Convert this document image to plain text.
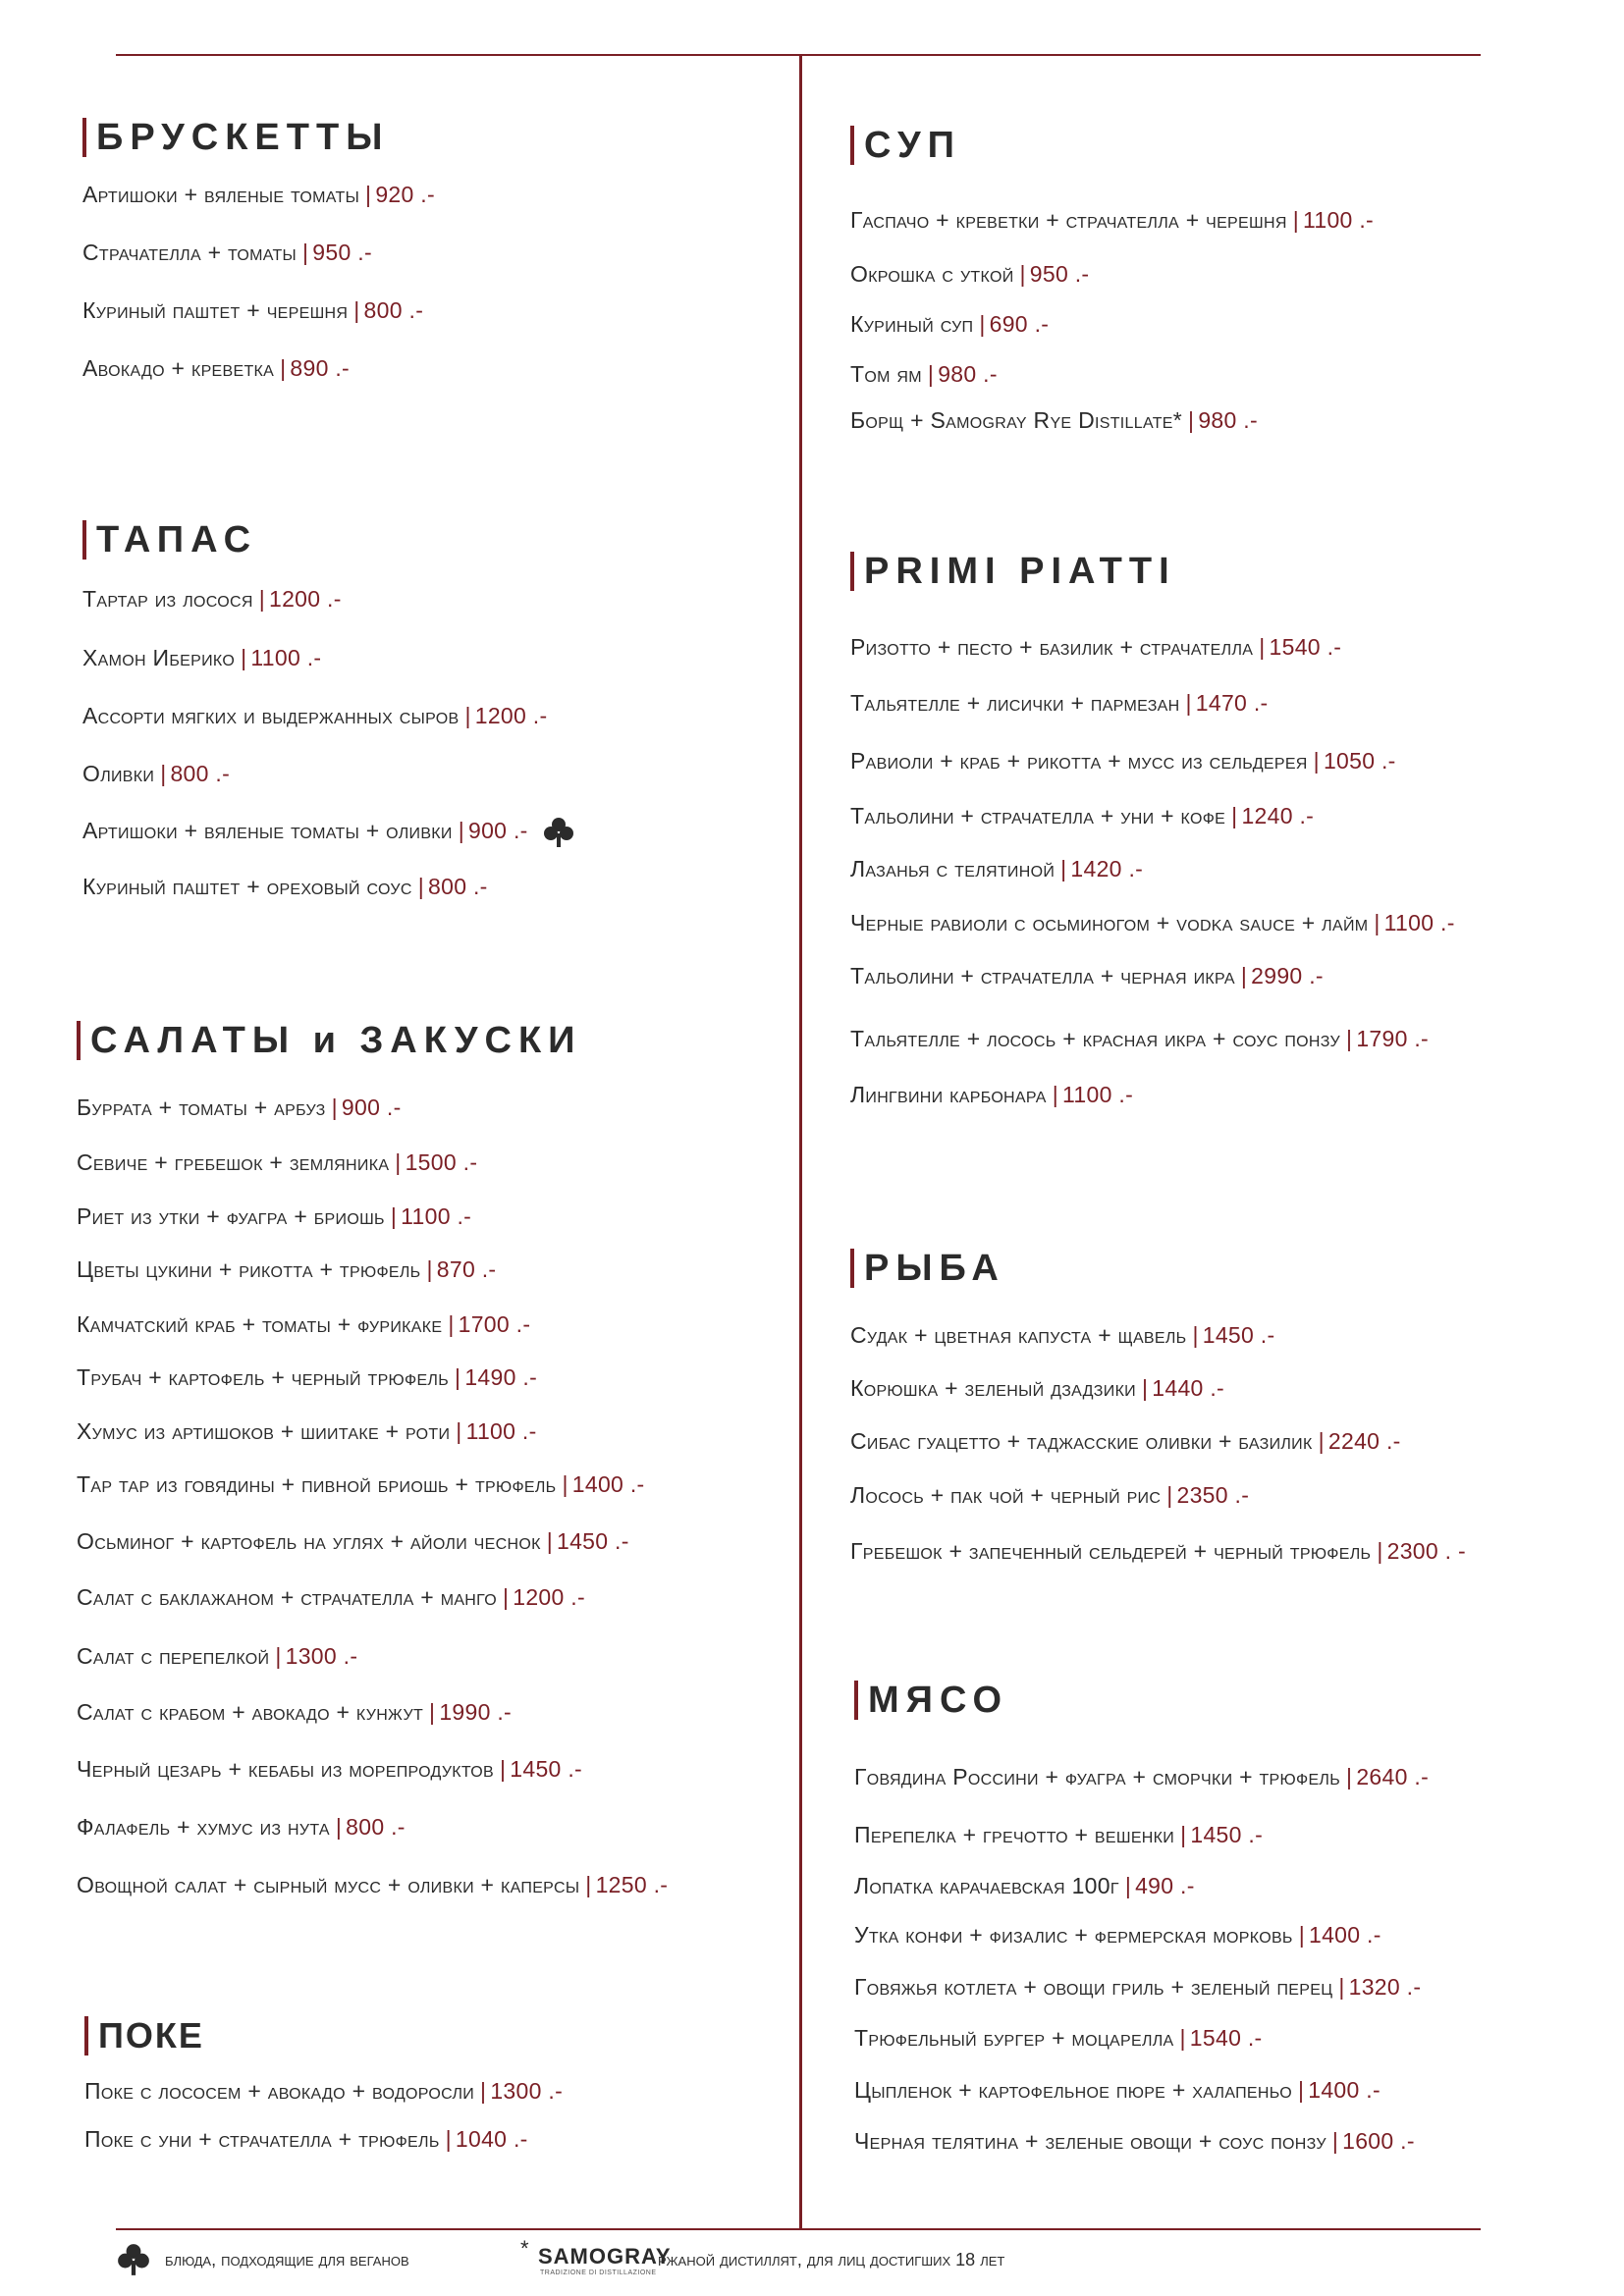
БРУСКЕТТЫ
Артишоки + вяленые томаты | 920 .-
Страчателла + томаты | 950 .-
Куриный паштет + черешня | 800 .-
Авокадо + креветка | 890 .-
ТАПАС
Тартар из лосося | 1200 .-
Хамон Иберико | 1100 .-
Ассорти мягких и выдержанных сыров | 1200 .-
Оливки | 800 .-
Артишоки + вяленые томаты + оливки | 900 .-
Куриный паштет + ореховый соус | 800 .-
САЛАТЫ и ЗАКУСКИ
Буррата + томаты + арбуз | 900 .-
Севиче + гребешок + земляника | 1500 .-
Риет из утки + фуагра + бриошь | 1100 .-
Цветы цукини + рикотта + трюфель | 870 .-
Камчатский краб + томаты + фурикаке | 1700 .-
Трубач + картофель + черный трюфель | 1490 .-
Хумус из артишоков + шиитаке + роти | 1100 .-
Тар тар из говядины + пивной бриошь + трюфель | 1400 .-
Осьминог + картофель на углях + айоли чеснок | 1450 .-
Салат с баклажаном + страчателла + манго | 1200 .-
Салат с перепелкой | 1300 .-
Салат с крабом + авокадо + кунжут | 1990 .-
Черный цезарь + кебабы из морепродуктов | 1450 .-
Фалафель + хумус из нута | 800 .-
Овощной салат + сырный мусс + оливки + каперсы | 1250 .-
ПОКЕ
Поке с лососем + авокадо + водоросли | 1300 .-
Поке с уни + страчателла + трюфель | 1040 .-
СУП
Гаспачо + креветки + страчателла + черешня | 1100 .-
Окрошка с уткой | 950 .-
Куриный суп | 690 .-
Том ям | 980 .-
Борщ + Samogray Rye Distillate* | 980 .-
PRIMI PIATTI
Ризотто + песто + базилик + страчателла | 1540 .-
Тальятелле + лисички + пармезан | 1470 .-
Равиоли + краб + рикотта + мусс из сельдерея | 1050 .-
Тальолини + страчателла + уни + кофе | 1240 .-
Лазанья с телятиной | 1420 .-
Черные равиоли с осьминогом + vodka sauce + лайм | 1100 .-
Тальолини + страчателла + черная икра | 2990 .-
Тальятелле + лосось + красная икра + соус понзу | 1790 .-
Лингвини карбонара | 1100 .-
РЫБА
Судак + цветная капуста + щавель | 1450 .-
Корюшка + зеленый дзадзики | 1440 .-
Сибас гуацетто + таджасские оливки + базилик | 2240 .-
Лосось + пак чой + черный рис | 2350 .-
Гребешок + запеченный сельдерей + черный трюфель | 2300 . -
МЯСО
Говядина Россини + фуагра + сморчки + трюфель | 2640 .-
Перепелка + гречотто + вешенки | 1450 .-
Лопатка карачаевская 100г | 490 .-
Утка конфи + физалис + фермерская морковь | 1400 .-
Говяжья котлета + овощи гриль + зеленый перец | 1320 .-
Трюфельный бургер + моцарелла | 1540 .-
Цыпленок + картофельное пюре + халапеньо | 1400 .-
Черная телятина + зеленые овощи + соус понзу | 1600 .-
блюда, подходящие для веганов	* SAMOGRAY
TRADIZIONE DI DISTILLAZIONE
ржаной дистиллят, для лиц достигших 18 лет
